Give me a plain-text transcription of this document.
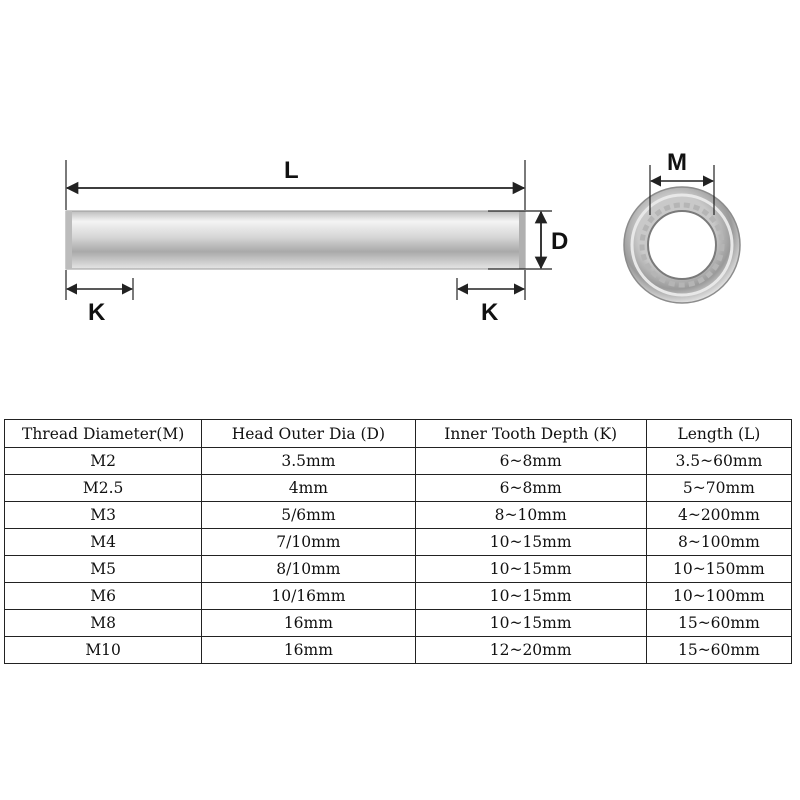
L
D
K	K
M
Thread Diameter(M)	Head Outer Dia (D)	Inner Tooth Depth (K)	Length (L)
M2	3.5mm	6~8mm	3.5~60mm
M2.5	4mm	6~8mm	5~70mm
M3	5/6mm	8~10mm	4~200mm
M4	7/10mm	10~15mm	8~100mm
M5	8/10mm	10~15mm	10~150mm
M6	10/16mm	10~15mm	10~100mm
M8	16mm	10~15mm	15~60mm
M10	16mm	12~20mm	15~60mm
